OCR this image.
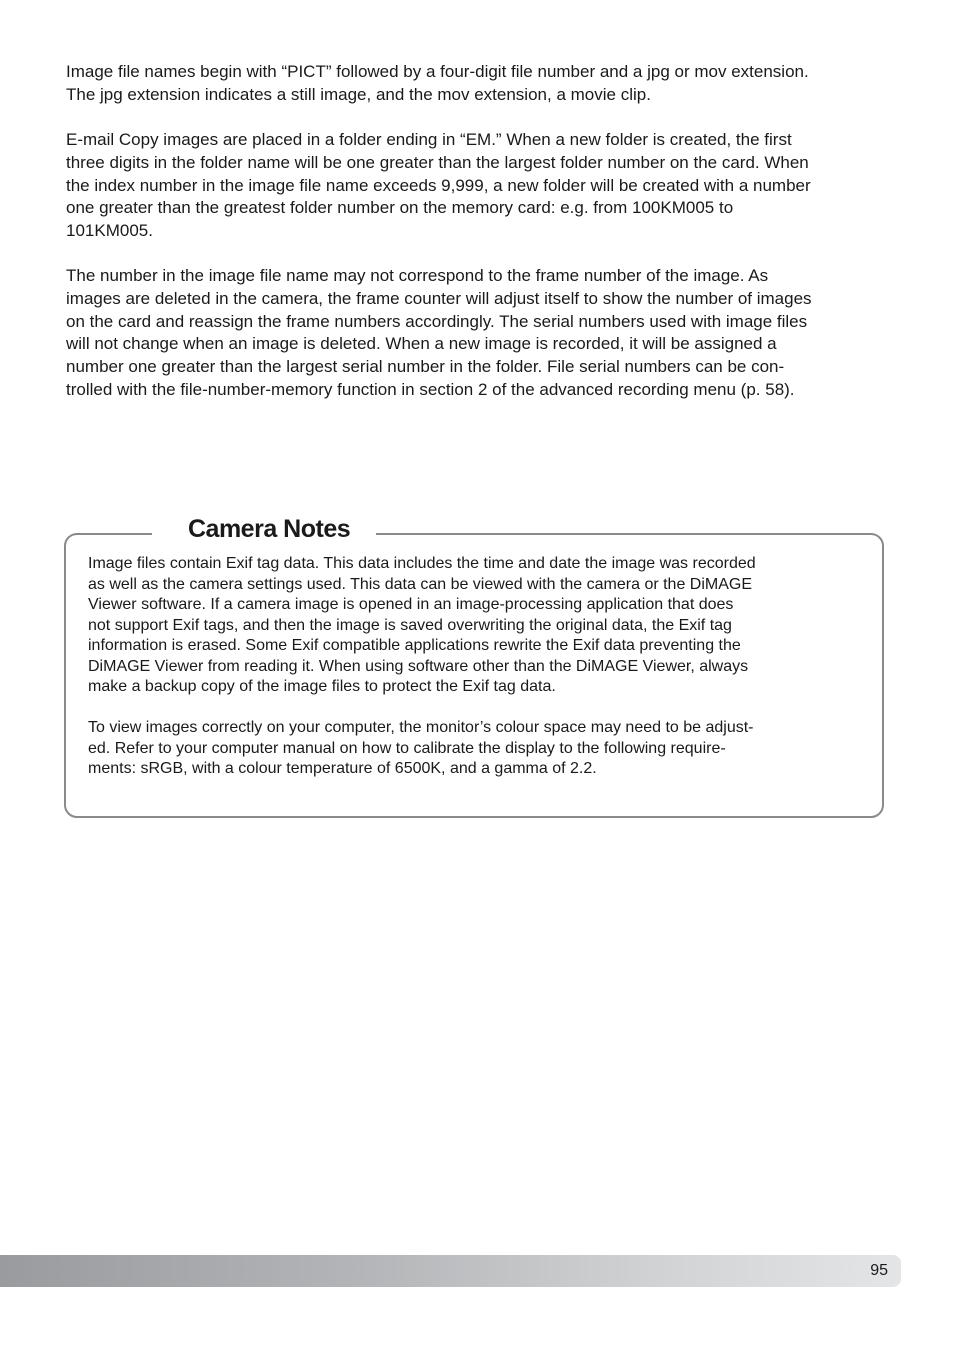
Image file names begin with “PICT” followed by a four-digit file number and a jpg or mov extension.
The jpg extension indicates a still image, and the mov extension, a movie clip.

E-mail Copy images are placed in a folder ending in “EM.” When a new folder is created, the first
three digits in the folder name will be one greater than the largest folder number on the card. When
the index number in the image file name exceeds 9,999, a new folder will be created with a number
one greater than the greatest folder number on the memory card: e.g. from 100KM005 to
101KM005.

The number in the image file name may not correspond to the frame number of the image. As
images are deleted in the camera, the frame counter will adjust itself to show the number of images
on the card and reassign the frame numbers accordingly. The serial numbers used with image files
will not change when an image is deleted. When a new image is recorded, it will be assigned a
number one greater than the largest serial number in the folder. File serial numbers can be con-
trolled with the file-number-memory function in section 2 of the advanced recording menu (p. 58).

Camera Notes

Image files contain Exif tag data. This data includes the time and date the image was recorded
as well as the camera settings used. This data can be viewed with the camera or the DiMAGE
Viewer software. If a camera image is opened in an image-processing application that does
not support Exif tags, and then the image is saved overwriting the original data, the Exif tag
information is erased. Some Exif compatible applications rewrite the Exif data preventing the
DiMAGE Viewer from reading it. When using software other than the DiMAGE Viewer, always
make a backup copy of the image files to protect the Exif tag data.

To view images correctly on your computer, the monitor’s colour space may need to be adjust-
ed. Refer to your computer manual on how to calibrate the display to the following require-
ments: sRGB, with a colour temperature of 6500K, and a gamma of 2.2.

95
